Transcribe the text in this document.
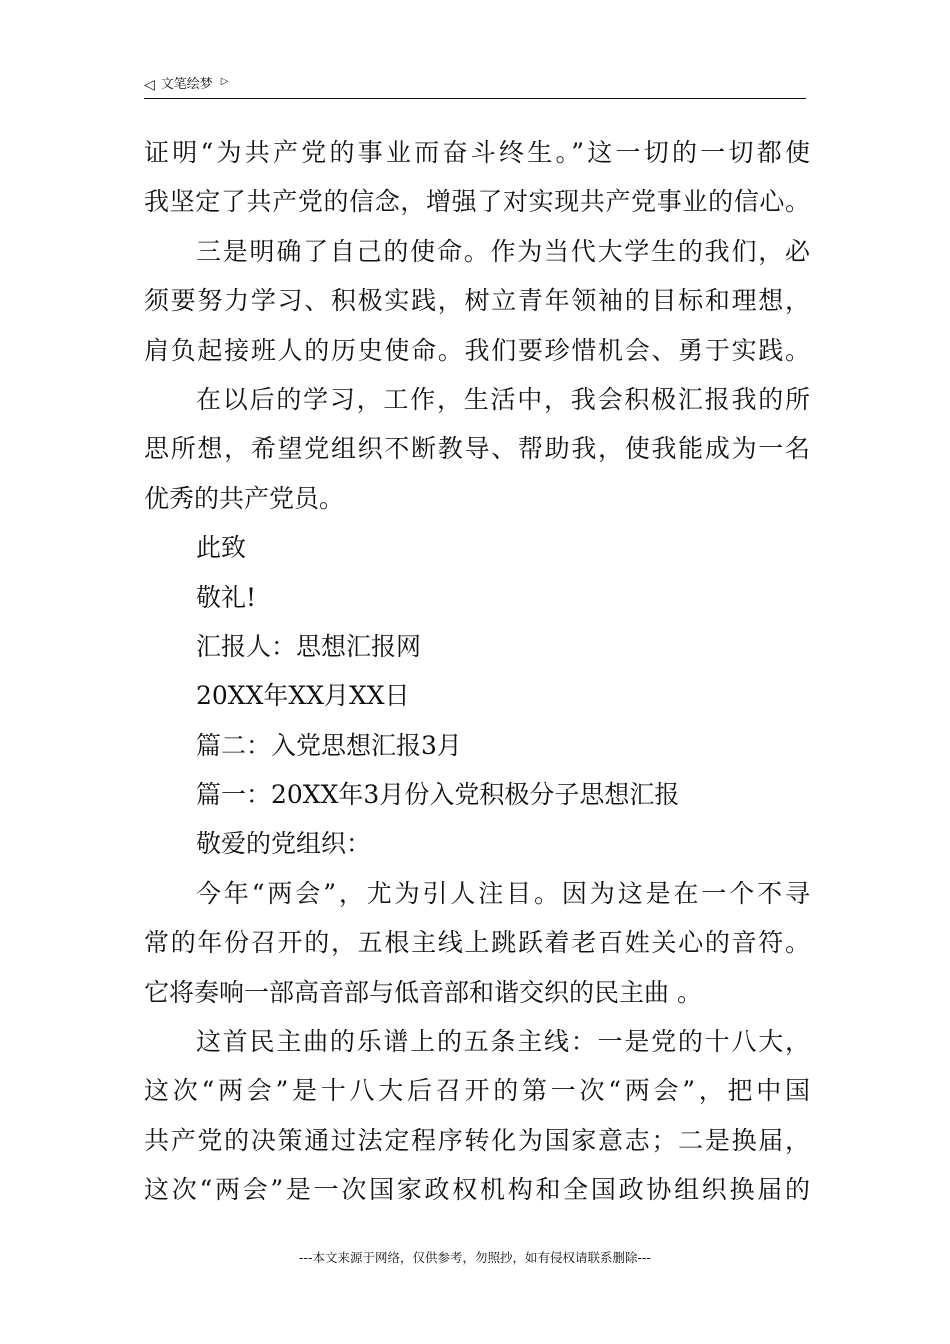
◁ 文笔绘梦 ▷
证明“为共产党的事业而奋斗终生。”这一切的一切都使
我坚定了共产党的信念，增强了对实现共产党事业的信心。
三是明确了自己的使命。作为当代大学生的我们，必
须要努力学习、积极实践，树立青年领袖的目标和理想，
肩负起接班人的历史使命。我们要珍惜机会、勇于实践。
在以后的学习，工作，生活中，我会积极汇报我的所
思所想，希望党组织不断教导、帮助我，使我能成为一名
优秀的共产党员。
此致
敬礼!
汇报人：思想汇报网
20XX年XX月XX日
篇二：入党思想汇报3月
篇一：20XX年3月份入党积极分子思想汇报
敬爱的党组织：
今年“两会”，尤为引人注目。因为这是在一个不寻
常的年份召开的，五根主线上跳跃着老百姓关心的音符。
它将奏响一部高音部与低音部和谐交织的民主曲 。
这首民主曲的乐谱上的五条主线：一是党的十八大，
这次“两会”是十八大后召开的第一次“两会”，把中国
共产党的决策通过法定程序转化为国家意志；二是换届，
这次“两会”是一次国家政权机构和全国政协组织换届的
---本文来源于网络，仅供参考，勿照抄，如有侵权请联系删除---
